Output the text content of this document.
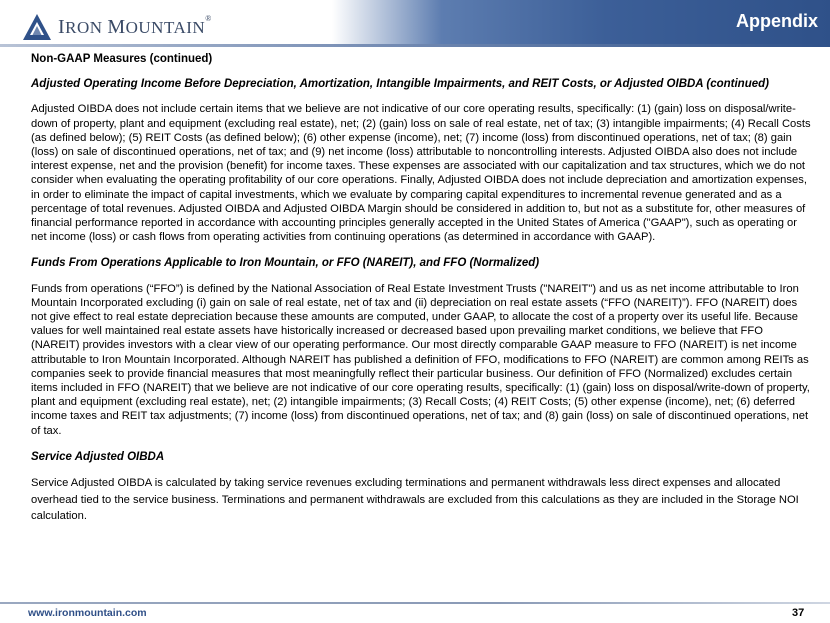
IRON MOUNTAIN®	Appendix

Non-GAAP Measures (continued)

Adjusted Operating Income Before Depreciation, Amortization, Intangible Impairments, and REIT Costs, or Adjusted OIBDA (continued)

Adjusted OIBDA does not include certain items that we believe are not indicative of our core operating results, specifically: (1) (gain) loss on disposal/write-down of property, plant and equipment (excluding real estate), net; (2) (gain) loss on sale of real estate, net of tax; (3) intangible impairments; (4) Recall Costs (as defined below); (5) REIT Costs (as defined below); (6) other expense (income), net; (7) income (loss) from discontinued operations, net of tax; (8) gain (loss) on sale of discontinued operations, net of tax; and (9) net income (loss) attributable to noncontrolling interests. Adjusted OIBDA also does not include interest expense, net and the provision (benefit) for income taxes. These expenses are associated with our capitalization and tax structures, which we do not consider when evaluating the operating profitability of our core operations. Finally, Adjusted OIBDA does not include depreciation and amortization expenses, in order to eliminate the impact of capital investments, which we evaluate by comparing capital expenditures to incremental revenue generated and as a percentage of total revenues. Adjusted OIBDA and Adjusted OIBDA Margin should be considered in addition to, but not as a substitute for, other measures of financial performance reported in accordance with accounting principles generally accepted in the United States of America ("GAAP"), such as operating or net income (loss) or cash flows from operating activities from continuing operations (as determined in accordance with GAAP).

Funds From Operations Applicable to Iron Mountain, or FFO (NAREIT), and FFO (Normalized)

Funds from operations (“FFO”) is defined by the National Association of Real Estate Investment Trusts ("NAREIT") and us as net income attributable to Iron Mountain Incorporated excluding (i) gain on sale of real estate, net of tax and (ii) depreciation on real estate assets (“FFO (NAREIT)”). FFO (NAREIT) does not give effect to real estate depreciation because these amounts are computed, under GAAP, to allocate the cost of a property over its useful life. Because values for well maintained real estate assets have historically increased or decreased based upon prevailing market conditions, we believe that FFO (NAREIT) provides investors with a clear view of our operating performance. Our most directly comparable GAAP measure to FFO (NAREIT) is net income attributable to Iron Mountain Incorporated. Although NAREIT has published a definition of FFO, modifications to FFO (NAREIT) are common among REITs as companies seek to provide financial measures that most meaningfully reflect their particular business. Our definition of FFO (Normalized) excludes certain items included in FFO (NAREIT) that we believe are not indicative of our core operating results, specifically: (1) (gain) loss on disposal/write-down of property, plant and equipment (excluding real estate), net; (2) intangible impairments; (3) Recall Costs; (4) REIT Costs; (5) other expense (income), net; (6) deferred income taxes and REIT tax adjustments; (7) income (loss) from discontinued operations, net of tax; and (8) gain (loss) on sale of discontinued operations, net of tax.

Service Adjusted OIBDA

Service Adjusted OIBDA is calculated by taking service revenues excluding terminations and permanent withdrawals less direct expenses and allocated overhead tied to the service business. Terminations and permanent withdrawals are excluded from this calculations as they are included in the Storage NOI calculation.

www.ironmountain.com	37
